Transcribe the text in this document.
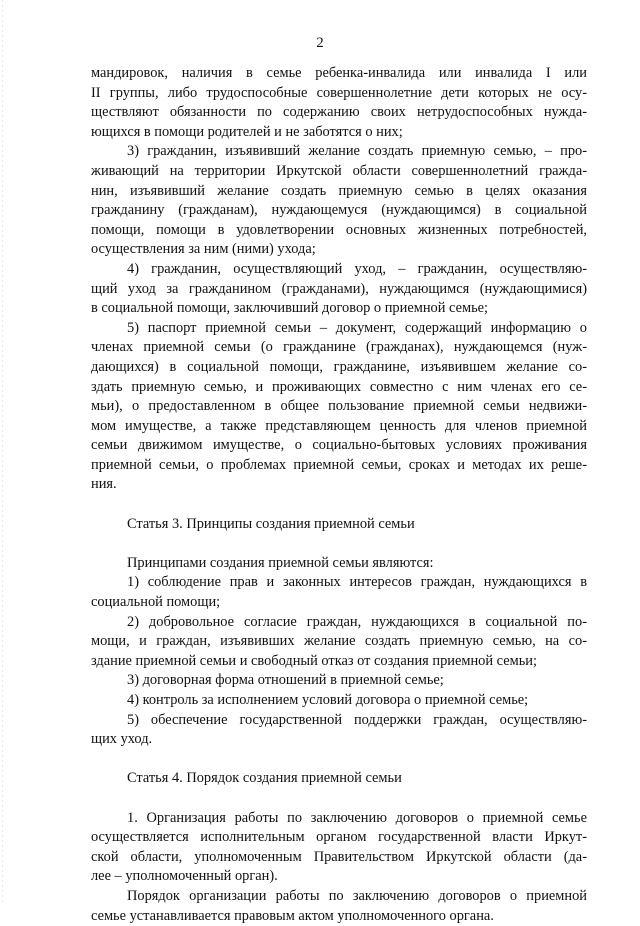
2

мандировок, наличия в семье ребенка-инвалида или инвалида I или

II группы, либо трудоспособные совершеннолетние дети которых не осу-

ществляют обязанности по содержанию своих нетрудоспособных нужда-

ющихся в помощи родителей и не заботятся о них;

3) гражданин, изъявивший желание создать приемную семью, – про-

живающий на территории Иркутской области совершеннолетний гражда-

нин, изъявивший желание создать приемную семью в целях оказания

гражданину (гражданам), нуждающемуся (нуждающимся) в социальной

помощи, помощи в удовлетворении основных жизненных потребностей,

осуществления за ним (ними) ухода;

4) гражданин, осуществляющий уход, – гражданин, осуществляю-

щий уход за гражданином (гражданами), нуждающимся (нуждающимися)

в социальной помощи, заключивший договор о приемной семье;

5) паспорт приемной семьи – документ, содержащий информацию о

членах приемной семьи (о гражданине (гражданах), нуждающемся (нуж-

дающихся) в социальной помощи, гражданине, изъявившем желание со-

здать приемную семью, и проживающих совместно с ним членах его се-

мьи), о предоставленном в общее пользование приемной семьи недвижи-

мом имуществе, а также представляющем ценность для членов приемной

семьи движимом имуществе, о социально-бытовых условиях проживания

приемной семьи, о проблемах приемной семьи, сроках и методах их реше-

ния.

Статья 3. Принципы создания приемной семьи

Принципами создания приемной семьи являются:

1) соблюдение прав и законных интересов граждан, нуждающихся в

социальной помощи;

2) добровольное согласие граждан, нуждающихся в социальной по-

мощи, и граждан, изъявивших желание создать приемную семью, на со-

здание приемной семьи и свободный отказ от создания приемной семьи;

3) договорная форма отношений в приемной семье;

4) контроль за исполнением условий договора о приемной семье;

5) обеспечение государственной поддержки граждан, осуществляю-

щих уход.

Статья 4. Порядок создания приемной семьи

1. Организация работы по заключению договоров о приемной семье

осуществляется исполнительным органом государственной власти Иркут-

ской области, уполномоченным Правительством Иркутской области (да-

лее – уполномоченный орган).

Порядок организации работы по заключению договоров о приемной

семье устанавливается правовым актом уполномоченного органа.
